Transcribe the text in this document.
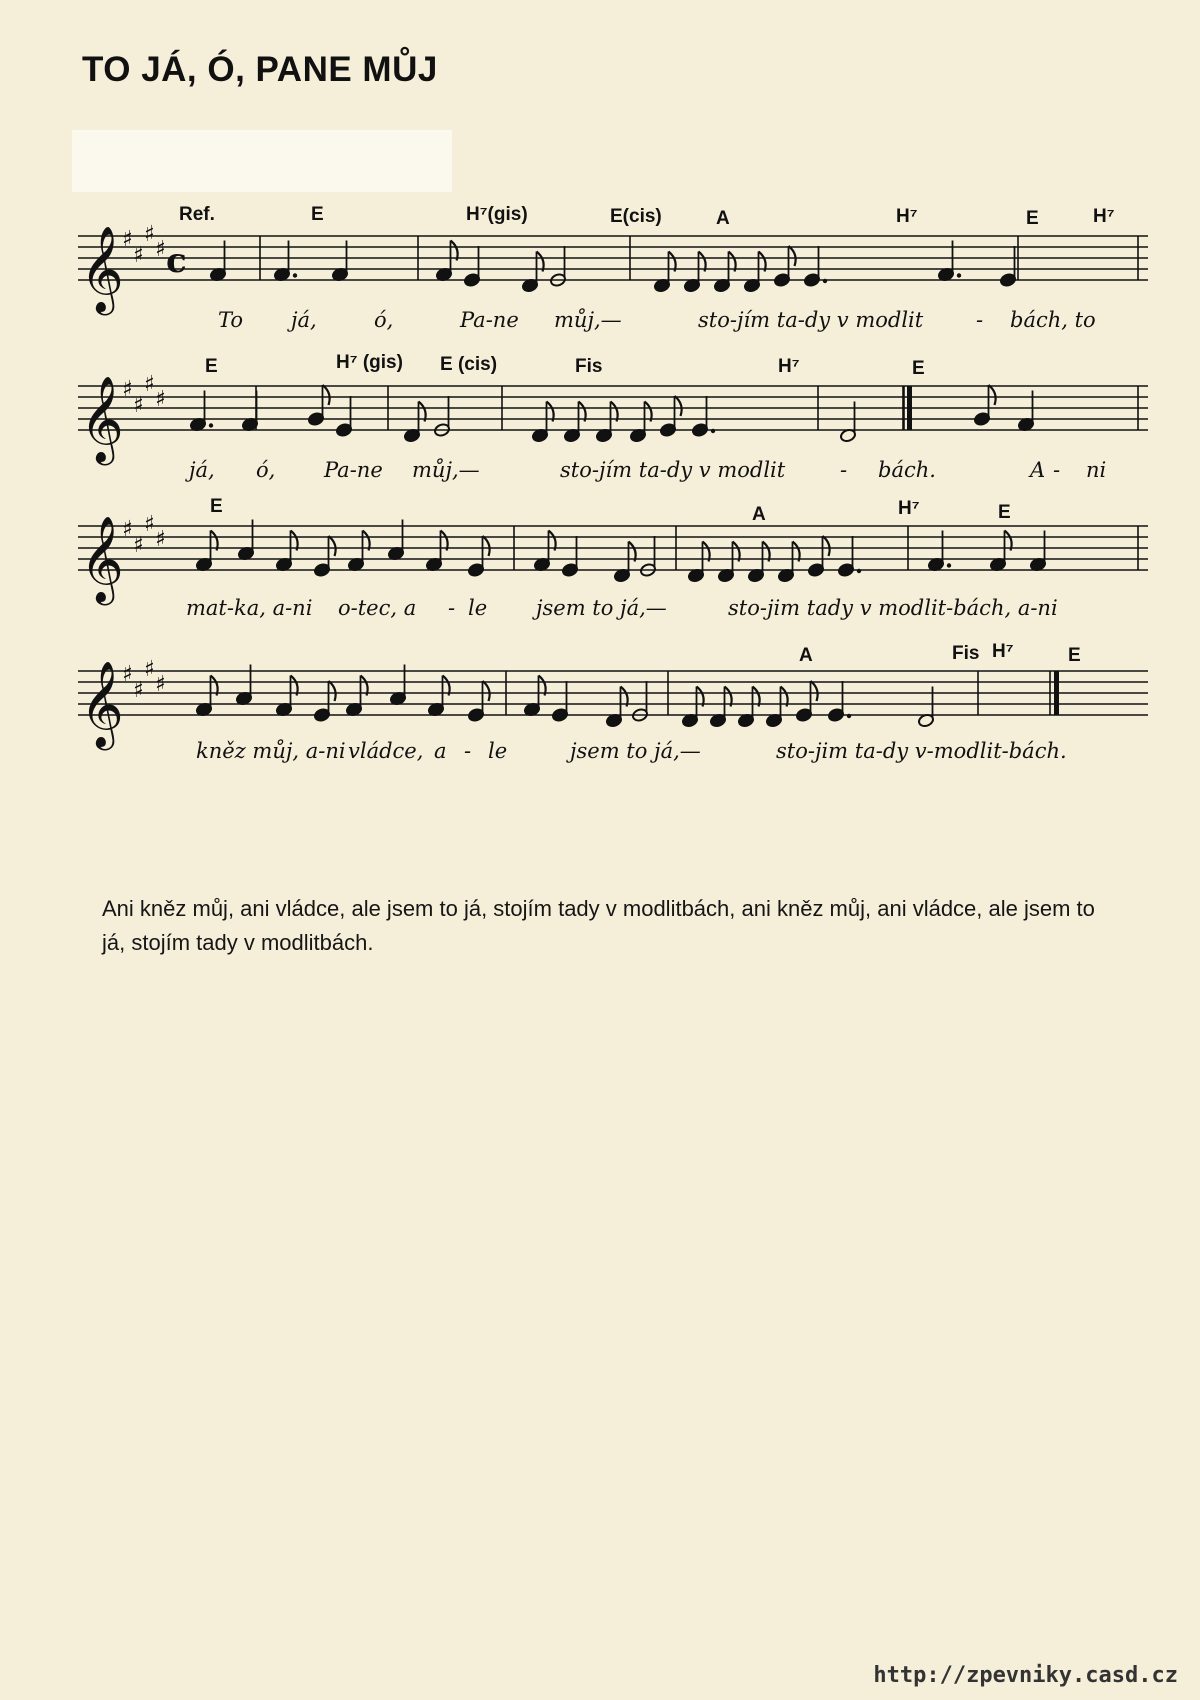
TO JÁ, Ó, PANE MŮJ
𝄞
♯
♯
♯
♯ c
Ref.	E	H⁷(gis)	E(cis)	A	H⁷	E	H⁷
To já,	ó,	Pa-ne můj,—	sto-jím ta-dy v modlit	- bách, to
𝄞
♯
♯
♯
♯
E	H⁷ (gis) E (cis)	Fis	H⁷	E
já, ó, Pa-ne můj,—	sto-jím ta-dy v modlit	- bách.	A - ni
𝄞
♯
♯
♯
♯
E	A	H⁷	E
mat-ka, a-ni o-tec, a - le jsem to já,—	sto-jim tady v modlit-bách, a-ni
𝄞
♯
♯
♯
♯
A	Fis H⁷	E
kněz můj, a-ni vládce, a - le	jsem to já,—	sto-jim ta-dy v-modlit-bách.

Ani kněz můj, ani vládce, ale jsem to já, stojím tady v modlitbách, ani kněz můj, ani vládce, ale jsem to já, stojím tady v modlitbách.

http://zpevniky.casd.cz
